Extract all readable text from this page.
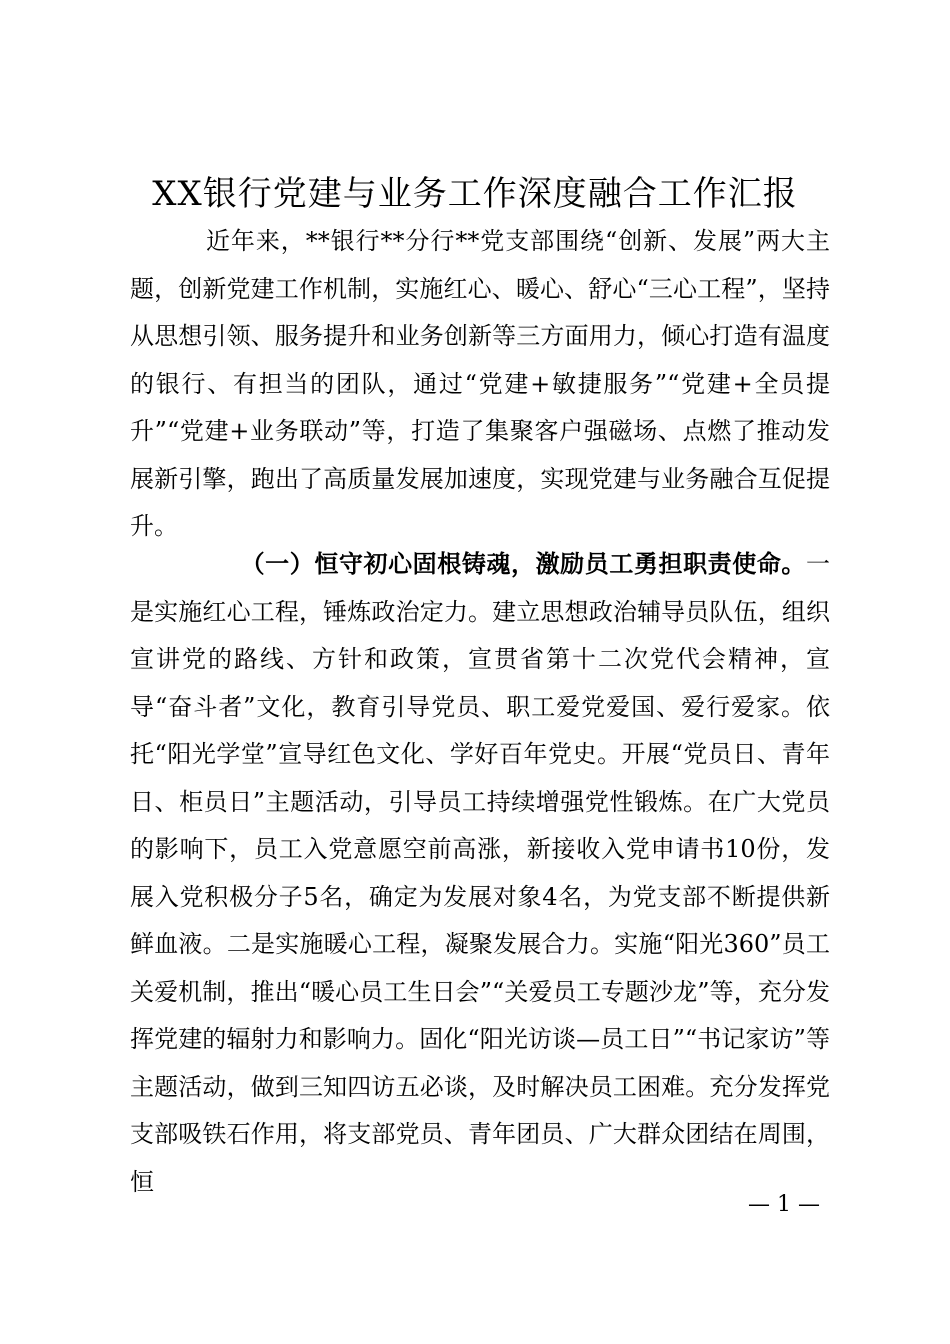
XX银行党建与业务工作深度融合工作汇报
近年来，**银行**分行**党支部围绕“创新、发展”两大主题，创新党建工作机制，实施红心、暖心、舒心“三心工程”，坚持从思想引领、服务提升和业务创新等三方面用力，倾心打造有温度的银行、有担当的团队，通过“党建+敏捷服务”“党建+全员提升”“党建+业务联动”等，打造了集聚客户强磁场、点燃了推动发展新引擎，跑出了高质量发展加速度，实现党建与业务融合互促提升。
（一）恒守初心固根铸魂，激励员工勇担职责使命。一是实施红心工程，锤炼政治定力。建立思想政治辅导员队伍，组织宣讲党的路线、方针和政策，宣贯省第十二次党代会精神，宣导“奋斗者”文化，教育引导党员、职工爱党爱国、爱行爱家。依托“阳光学堂”宣导红色文化、学好百年党史。开展“党员日、青年日、柜员日”主题活动，引导员工持续增强党性锻炼。在广大党员的影响下，员工入党意愿空前高涨，新接收入党申请书10份，发展入党积极分子5名，确定为发展对象4名，为党支部不断提供新鲜血液。二是实施暖心工程，凝聚发展合力。实施“阳光360”员工关爱机制，推出“暖心员工生日会”“关爱员工专题沙龙”等，充分发挥党建的辐射力和影响力。固化“阳光访谈—员工日”“书记家访”等主题活动，做到三知四访五必谈，及时解决员工困难。充分发挥党支部吸铁石作用，将支部党员、青年团员、广大群众团结在周围，恒
— 1 —
